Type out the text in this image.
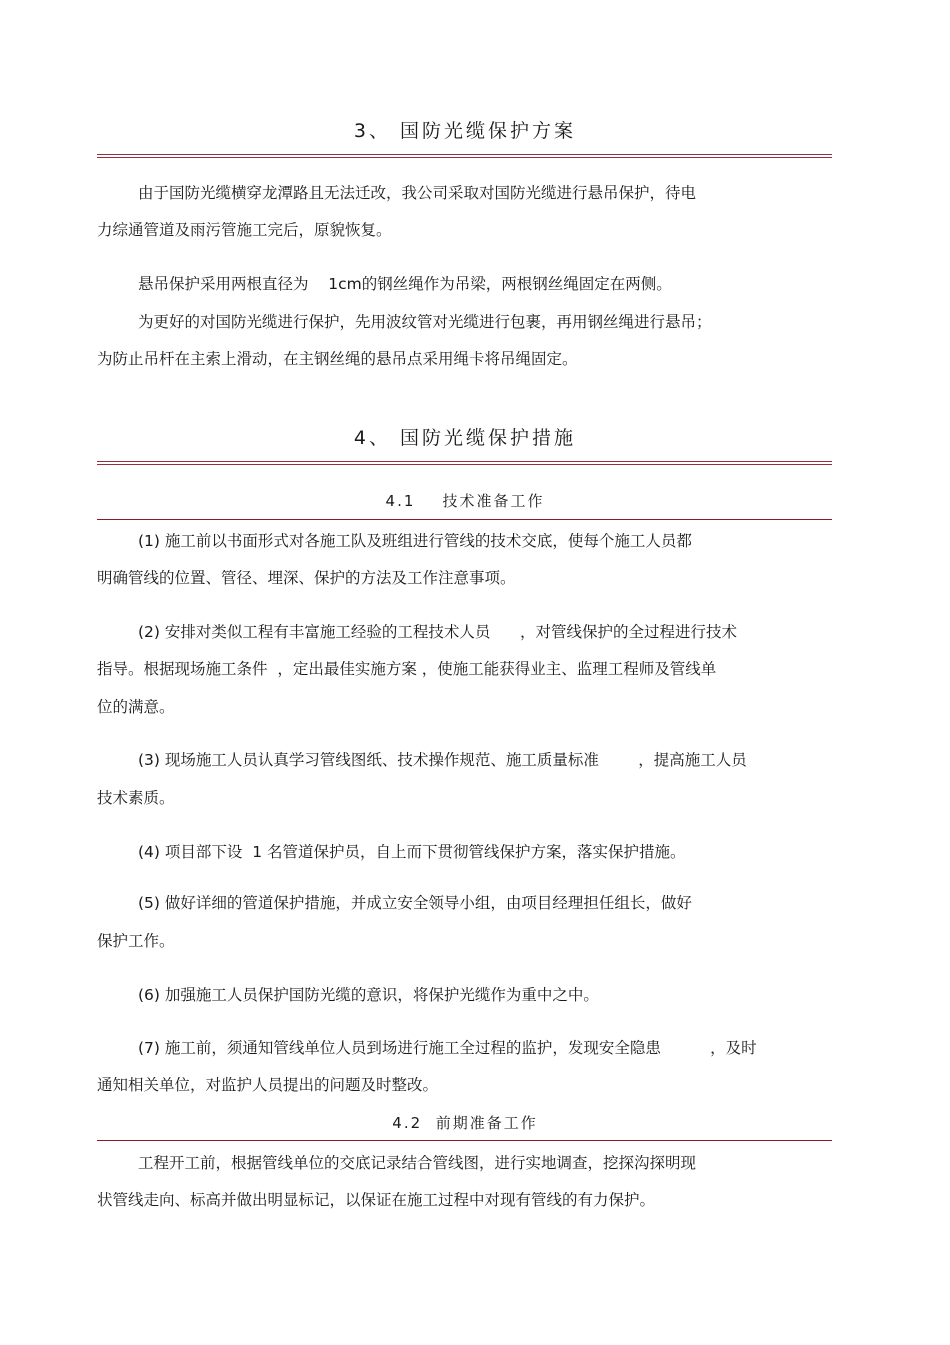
3、 国防光缆保护方案
由于国防光缆横穿龙潭路且无法迁改，我公司采取对国防光缆进行悬吊保护，待电
力综通管道及雨污管施工完后，原貌恢复。
悬吊保护采用两根直径为    1cm的钢丝绳作为吊梁，两根钢丝绳固定在两侧。
为更好的对国防光缆进行保护，先用波纹管对光缆进行包裹，再用钢丝绳进行悬吊；
为防止吊杆在主索上滑动，在主钢丝绳的悬吊点采用绳卡将吊绳固定。
4、 国防光缆保护措施
4.1    技术准备工作
(1) 施工前以书面形式对各施工队及班组进行管线的技术交底，使每个施工人员都
明确管线的位置、管径、埋深、保护的方法及工作注意事项。
(2) 安排对类似工程有丰富施工经验的工程技术人员      ，对管线保护的全过程进行技术
指导。根据现场施工条件  ，定出最佳实施方案 ，使施工能获得业主、监理工程师及管线单
位的满意。
(3) 现场施工人员认真学习管线图纸、技术操作规范、施工质量标准        ，提高施工人员
技术素质。
(4) 项目部下设  1 名管道保护员，自上而下贯彻管线保护方案，落实保护措施。
(5) 做好详细的管道保护措施，并成立安全领导小组，由项目经理担任组长，做好
保护工作。
(6) 加强施工人员保护国防光缆的意识，将保护光缆作为重中之中。
(7) 施工前，须通知管线单位人员到场进行施工全过程的监护，发现安全隐患          ，及时
通知相关单位，对监护人员提出的问题及时整改。
4.2  前期准备工作
工程开工前，根据管线单位的交底记录结合管线图，进行实地调查，挖探沟探明现
状管线走向、标高并做出明显标记，以保证在施工过程中对现有管线的有力保护。
